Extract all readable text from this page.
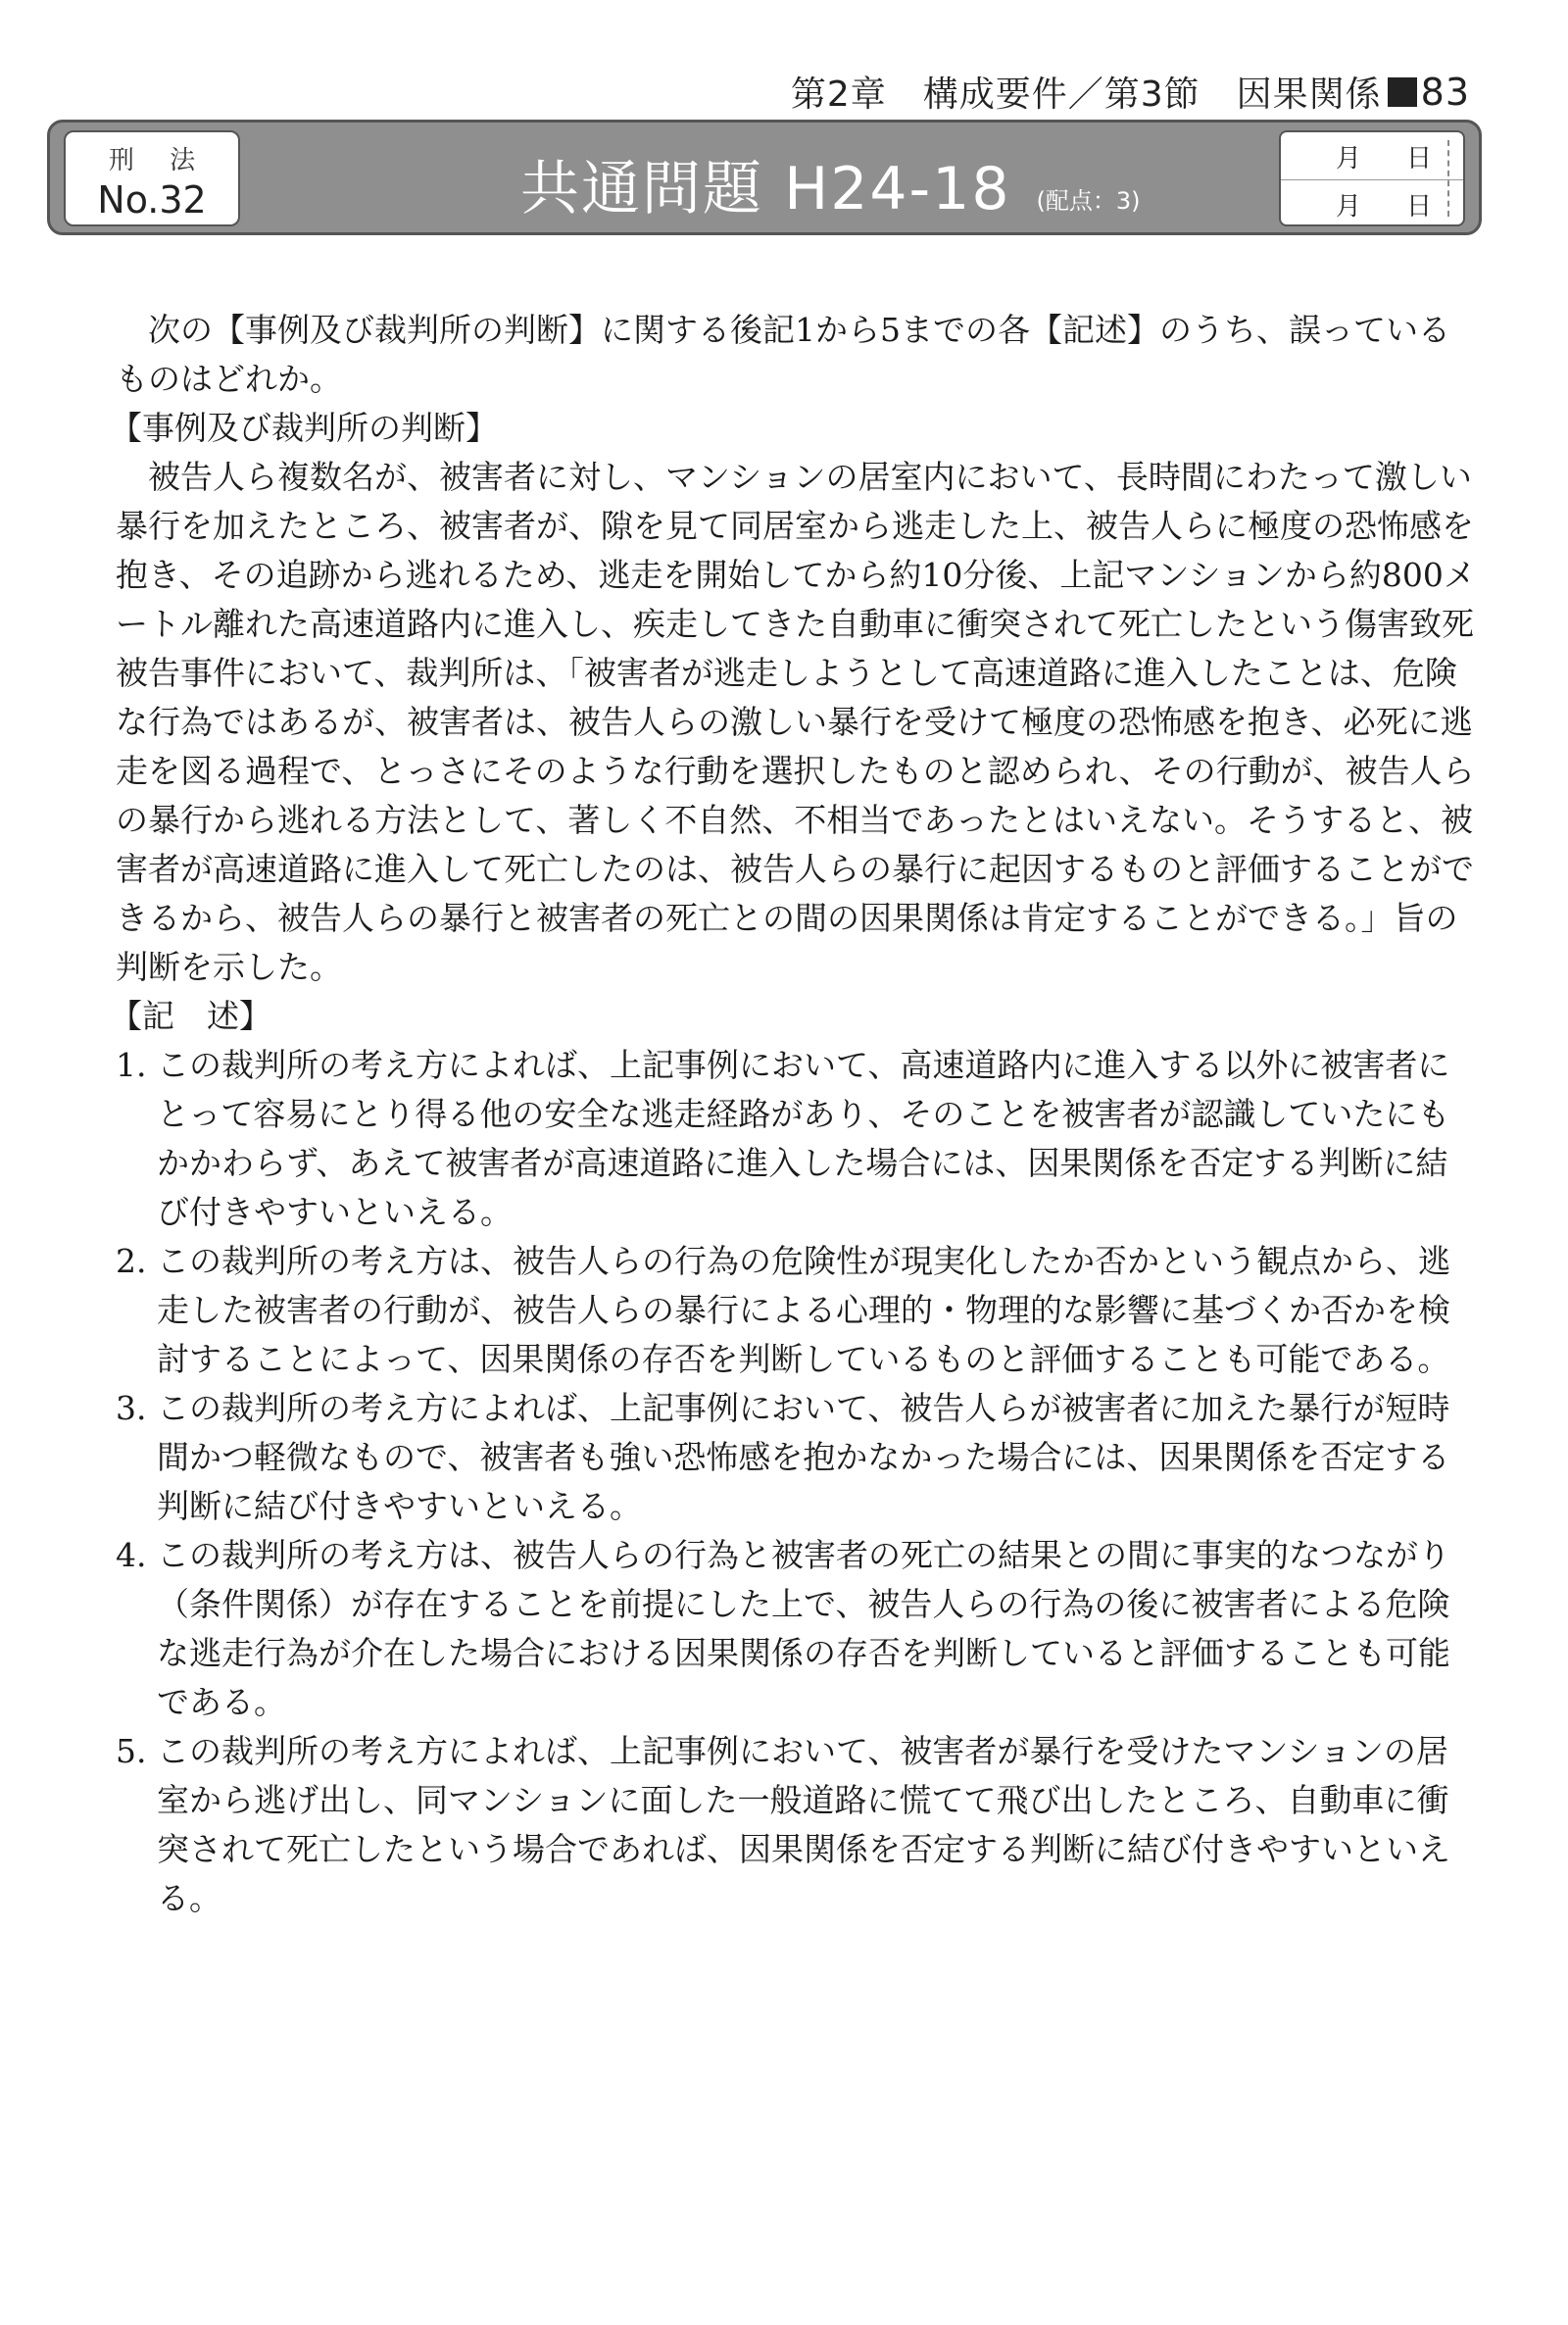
第2章　構成要件／第3節　因果関係 83
刑 法
No.32	共通問題 H24-18 (配点：3)
月 日
月 日

次の【事例及び裁判所の判断】に関する後記1から5までの各【記述】のうち、誤っているものはどれか。

【事例及び裁判所の判断】

被告人ら複数名が、被害者に対し、マンションの居室内において、長時間にわたって激しい暴行を加えたところ、被害者が、隙を見て同居室から逃走した上、被告人らに極度の恐怖感を抱き、その追跡から逃れるため、逃走を開始してから約10分後、上記マンションから約800メートル離れた高速道路内に進入し、疾走してきた自動車に衝突されて死亡したという傷害致死被告事件において、裁判所は、「被害者が逃走しようとして高速道路に進入したことは、危険な行為ではあるが、被害者は、被告人らの激しい暴行を受けて極度の恐怖感を抱き、必死に逃走を図る過程で、とっさにそのような行動を選択したものと認められ、その行動が、被告人らの暴行から逃れる方法として、著しく不自然、不相当であったとはいえない。そうすると、被害者が高速道路に進入して死亡したのは、被告人らの暴行に起因するものと評価することができるから、被告人らの暴行と被害者の死亡との間の因果関係は肯定することができる。」旨の判断を示した。

【記　述】

1. この裁判所の考え方によれば、上記事例において、高速道路内に進入する以外に被害者にとって容易にとり得る他の安全な逃走経路があり、そのことを被害者が認識していたにもかかわらず、あえて被害者が高速道路に進入した場合には、因果関係を否定する判断に結び付きやすいといえる。
2. この裁判所の考え方は、被告人らの行為の危険性が現実化したか否かという観点から、逃走した被害者の行動が、被告人らの暴行による心理的・物理的な影響に基づくか否かを検討することによって、因果関係の存否を判断しているものと評価することも可能である。
3. この裁判所の考え方によれば、上記事例において、被告人らが被害者に加えた暴行が短時間かつ軽微なもので、被害者も強い恐怖感を抱かなかった場合には、因果関係を否定する判断に結び付きやすいといえる。
4. この裁判所の考え方は、被告人らの行為と被害者の死亡の結果との間に事実的なつながり（条件関係）が存在することを前提にした上で、被告人らの行為の後に被害者による危険な逃走行為が介在した場合における因果関係の存否を判断していると評価することも可能である。
5. この裁判所の考え方によれば、上記事例において、被害者が暴行を受けたマンションの居室から逃げ出し、同マンションに面した一般道路に慌てて飛び出したところ、自動車に衝突されて死亡したという場合であれば、因果関係を否定する判断に結び付きやすいといえる。
